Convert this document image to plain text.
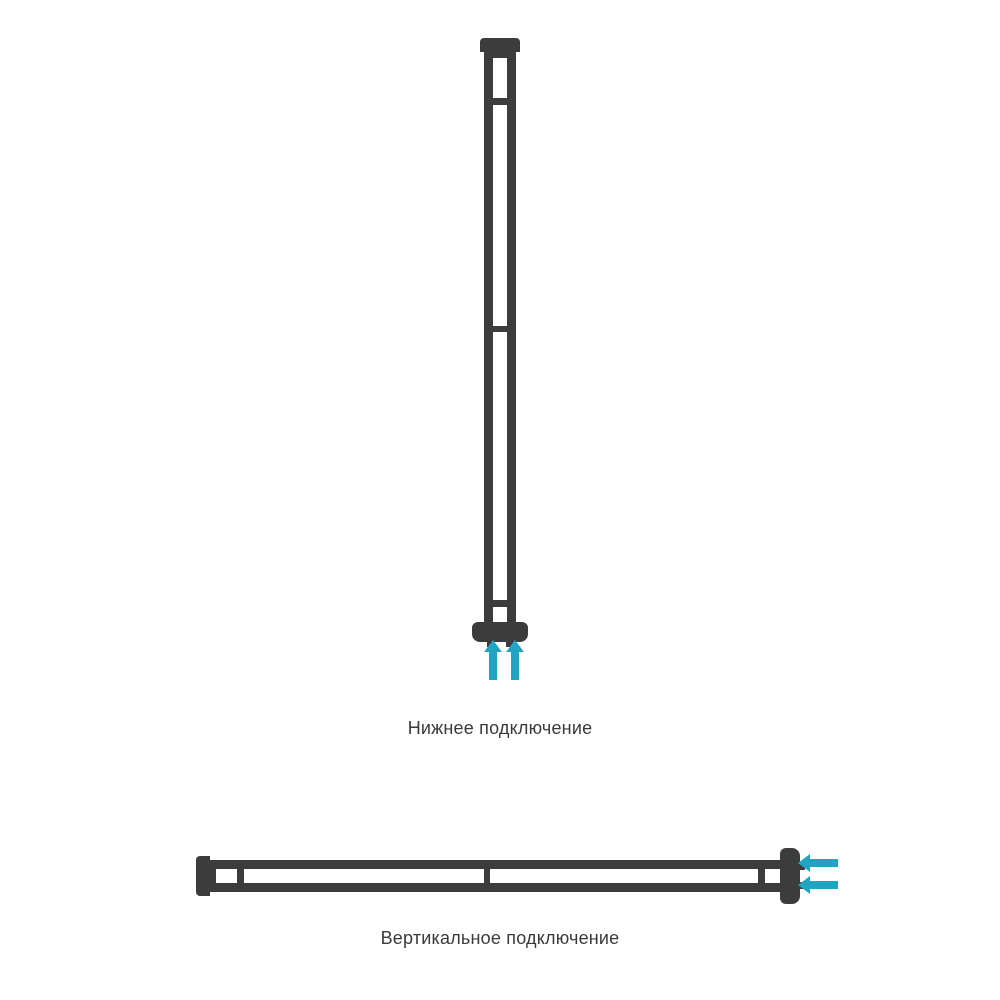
Нижнее подключение
Вертикальное подключение
